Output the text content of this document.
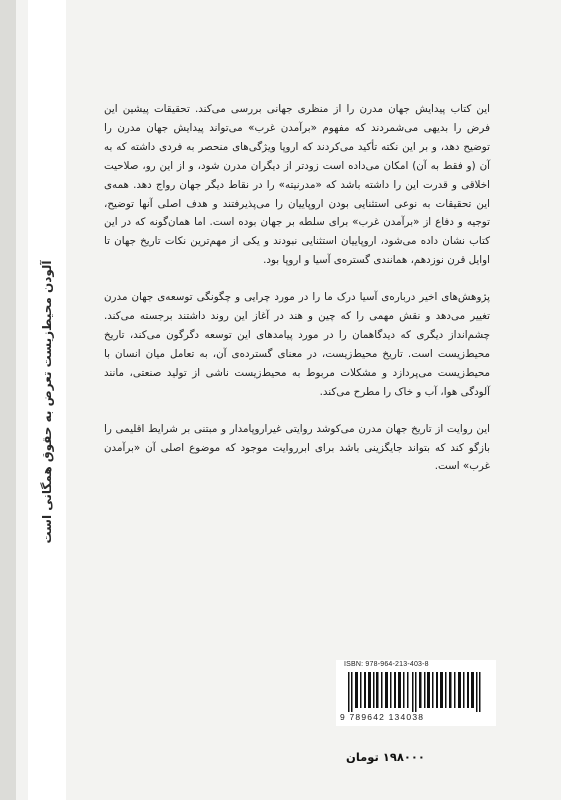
آلودن محیط‌زیست تعرض به حقوق همگانی است

این کتاب پیدایش جهان مدرن را از منظری جهانی بررسی می‌کند. تحقیقات پیشین این فرض را بدیهی می‌شمردند که مفهوم «برآمدن غرب» می‌تواند پیدایش جهان مدرن را توضیح دهد، و بر این نکته تأکید می‌کردند که اروپا ویژگی‌های منحصر به فردی داشته که به آن (و فقط به آن) امکان می‌داده است زودتر از دیگران مدرن شود، و از این رو، صلاحیت اخلاقی و قدرت این را داشته باشد که «مدرنیته» را در نقاط دیگر جهان رواج دهد. همه‌ی این تحقیقات به نوعی استثنایی بودن اروپاییان را می‌پذیرفتند و هدف اصلی آنها توضیح، توجیه و دفاع از «برآمدن غرب» برای سلطه بر جهان بوده است. اما همان‌گونه که در این کتاب نشان داده می‌شود، اروپاییان استثنایی نبودند و یکی از مهم‌ترین نکات تاریخ جهان تا اوایل قرن نوزدهم، همانندی گستره‌ی آسیا و اروپا بود.

پژوهش‌های اخیر درباره‌ی آسیا درک ما را در مورد چرایی و چگونگی توسعه‌ی جهان مدرن تغییر می‌دهد و نقش مهمی را که چین و هند در آغاز این روند داشتند برجسته می‌کند. چشم‌انداز دیگری که دیدگاهمان را در مورد پیامدهای این توسعه دگرگون می‌کند، تاریخ محیط‌زیست است. تاریخ محیط‌زیست، در معنای گسترده‌ی آن، به تعامل میان انسان با محیط‌زیست می‌پردازد و مشکلات مربوط به محیط‌زیست ناشی از تولید صنعتی، مانند آلودگی هوا، آب و خاک را مطرح می‌کند.

این روایت از تاریخ جهان مدرن می‌کوشد روایتی غیراروپامدار و مبتنی بر شرایط اقلیمی را بازگو کند که بتواند جایگزینی باشد برای ابرروایت موجود که موضوع اصلی آن «برآمدن غرب» است.

ISBN: 978-964-213-403-8
9 789642 134038
۱۹۸۰۰۰ تومان
